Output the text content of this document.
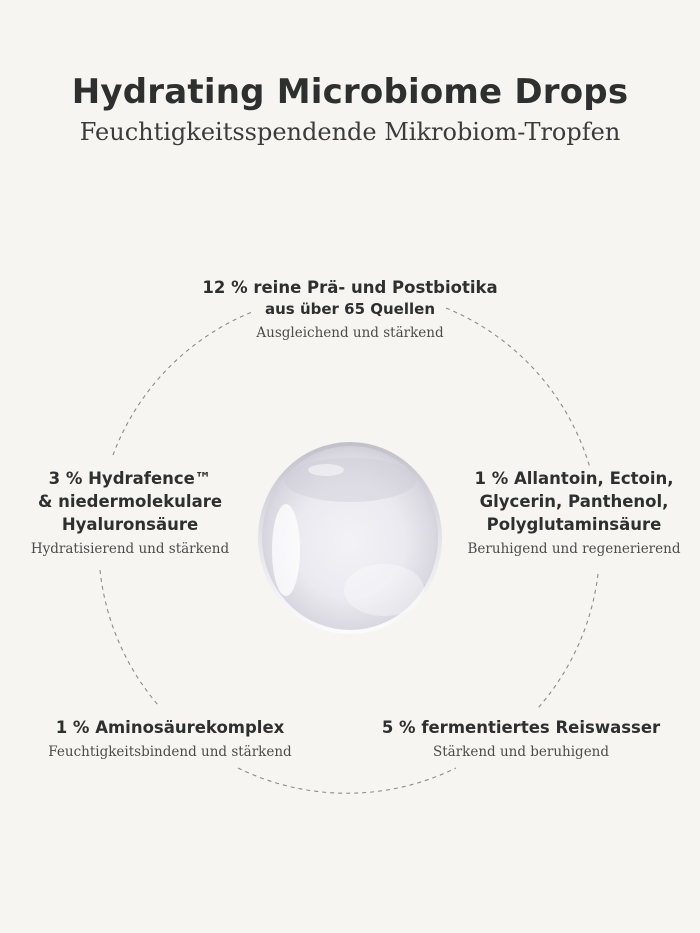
Hydrating Microbiome Drops
Feuchtigkeitsspendende Mikrobiom-Tropfen
12 % reine Prä- und Postbiotika
aus über 65 Quellen
Ausgleichend und stärkend
3 % Hydrafence™
& niedermolekulare
Hyaluronsäure
Hydratisierend und stärkend
1 % Allantoin, Ectoin,
Glycerin, Panthenol,
Polyglutaminsäure
Beruhigend und regenerierend
1 % Aminosäurekomplex
Feuchtigkeitsbindend und stärkend
5 % fermentiertes Reiswasser
Stärkend und beruhigend
